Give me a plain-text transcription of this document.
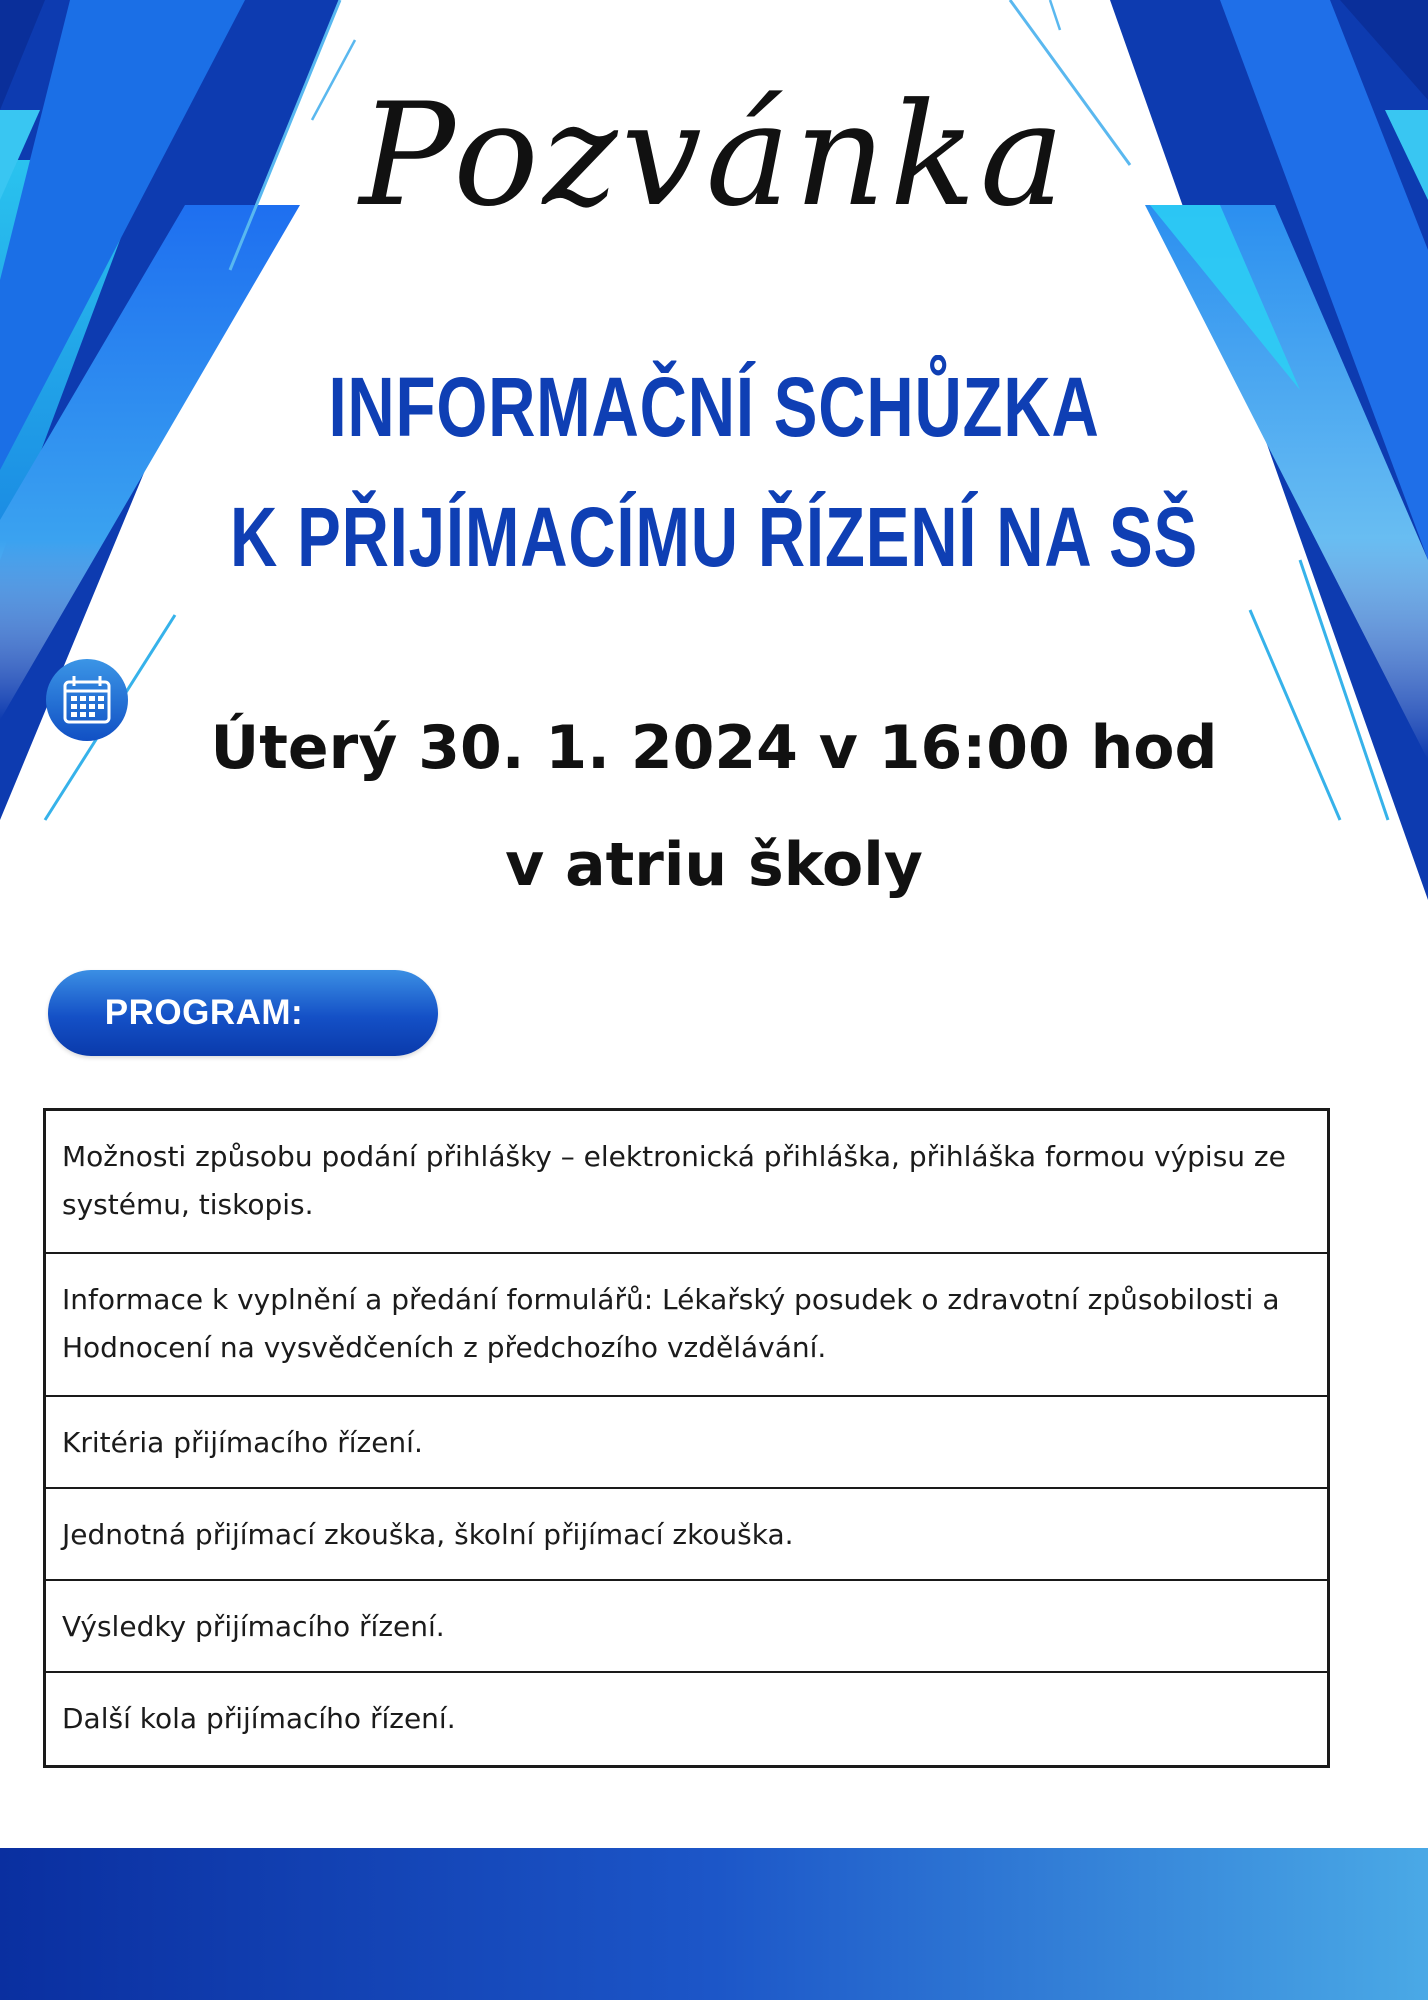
Pozvánka
INFORMAČNÍ SCHŮZKA
K PŘIJÍMACÍMU ŘÍZENÍ NA SŠ
Úterý 30. 1. 2024 v 16:00 hod
v atriu školy
PROGRAM:
Možnosti způsobu podání přihlášky – elektronická přihláška, přihláška formou výpisu ze systému, tiskopis.
Informace k vyplnění a předání formulářů: Lékařský posudek o zdravotní způsobilosti a Hodnocení na vysvědčeních z předchozího vzdělávání.
Kritéria přijímacího řízení.
Jednotná přijímací zkouška, školní přijímací zkouška.
Výsledky přijímacího řízení.
Další kola přijímacího řízení.
